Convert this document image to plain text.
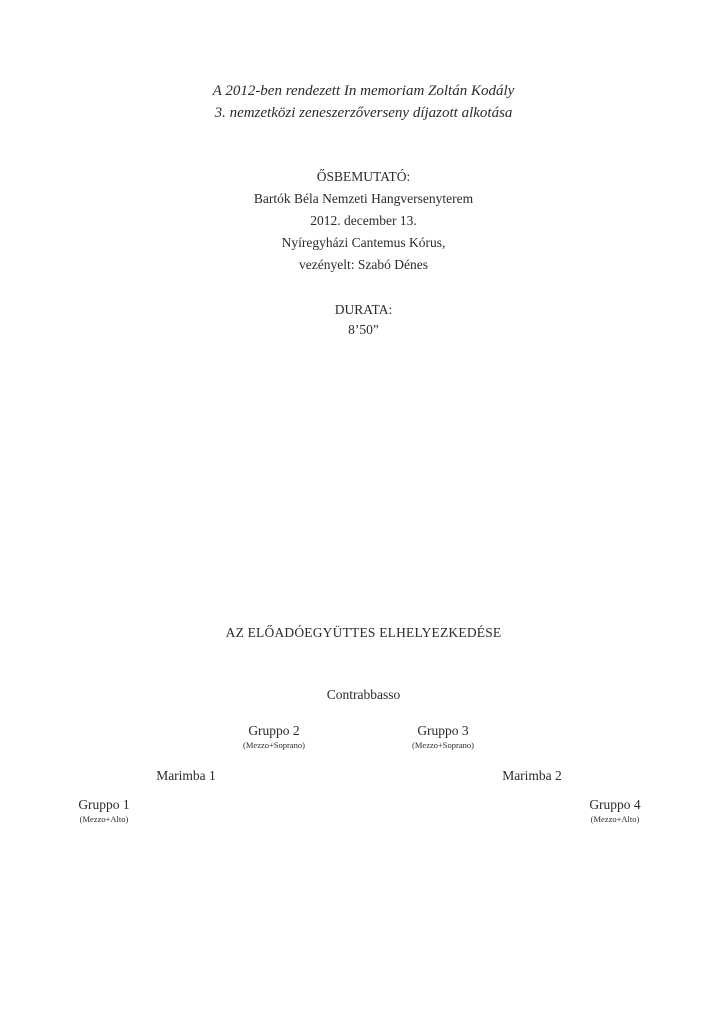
A 2012-ben rendezett In memoriam Zoltán Kodály
3. nemzetközi zeneszerzőverseny díjazott alkotása
ŐSBEMUTATÓ:
Bartók Béla Nemzeti Hangversenyterem
2012. december 13.
Nyíregyházi Cantemus Kórus,
vezényelt: Szabó Dénes
DURATA:
8’50”
AZ ELŐADÓEGYÜTTES ELHELYEZKEDÉSE
Contrabbasso
Gruppo 2
(Mezzo+Soprano)
Gruppo 3
(Mezzo+Soprano)
Marimba 1	Marimba 2
Gruppo 1
(Mezzo+Alto)
Gruppo 4
(Mezzo+Alto)
